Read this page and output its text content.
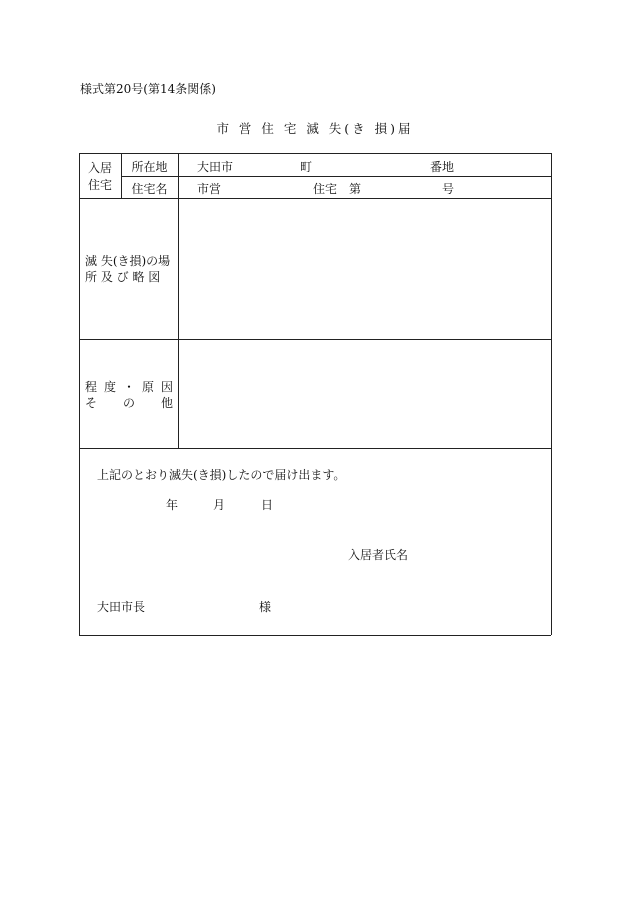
様式第20号(第14条関係)
市 営 住 宅 滅 失(き 損)届
入居
住宅
所在地	大田市	町	番地
住宅名	市営	住宅　第	号
滅 失(き損)の場
所 及 び 略 図
程 度 ・ 原 因
そ の 他
上記のとおり滅失(き損)したので届け出ます。
年	月	日
入居者氏名
大田市長	様
